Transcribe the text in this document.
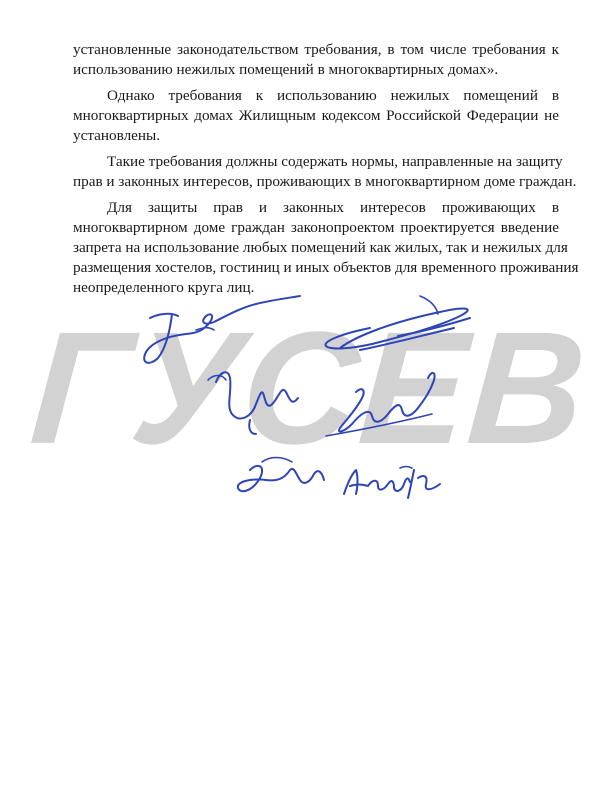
ГУСЕВ

установленные законодательством требования, в том числе требования к
использованию нежилых помещений в многоквартирных домах».

Однако требования к использованию нежилых помещений в
многоквартирных домах Жилищным кодексом Российской Федерации не
установлены.

Такие требования должны содержать нормы, направленные на защиту
прав и законных интересов, проживающих в многоквартирном доме граждан.

Для защиты прав и законных интересов проживающих в
многоквартирном доме граждан законопроектом проектируется введение
запрета на использование любых помещений как жилых, так и нежилых для
размещения хостелов, гостиниц и иных объектов для временного проживания
неопределенного круга лиц.
